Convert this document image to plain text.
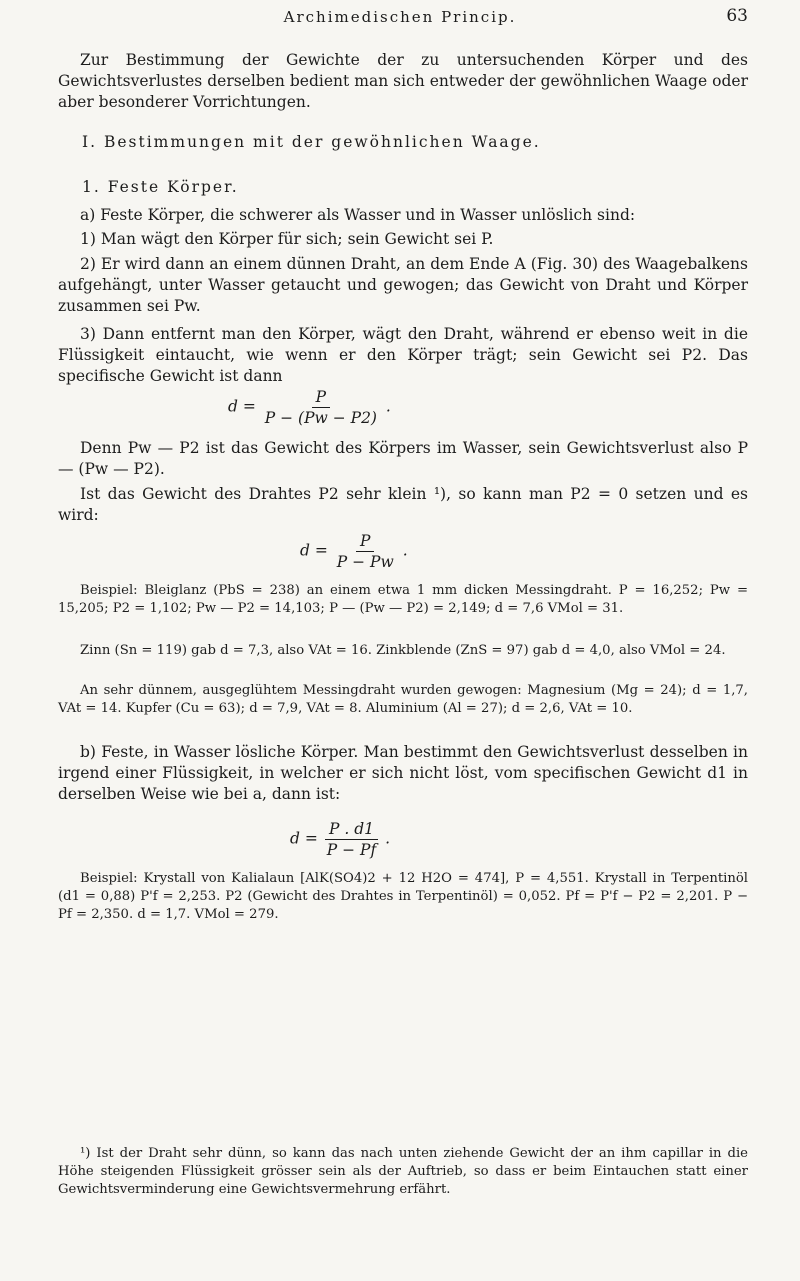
Archimedischen Princip.	63
Zur Bestimmung der Gewichte der zu untersuchenden Körper und des Gewichtsverlustes derselben bedient man sich entweder der gewöhnlichen Waage oder aber besonderer Vorrichtungen.
I. Bestimmungen mit der gewöhnlichen Waage.
1. Feste Körper.
a) Feste Körper, die schwerer als Wasser und in Wasser unlöslich sind:
1) Man wägt den Körper für sich; sein Gewicht sei P.
2) Er wird dann an einem dünnen Draht, an dem Ende A (Fig. 30) des Waagebalkens aufgehängt, unter Wasser getaucht und gewogen; das Gewicht von Draht und Körper zusammen sei Pw.
3) Dann entfernt man den Körper, wägt den Draht, während er ebenso weit in die Flüssigkeit eintaucht, wie wenn er den Körper trägt; sein Gewicht sei P2. Das specifische Gewicht ist dann
$d = \frac{P}{P - (Pw - P2)}$ .
Denn Pw — P2 ist das Gewicht des Körpers im Wasser, sein Gewichtsverlust also P — (Pw — P2).
Ist das Gewicht des Drahtes P2 sehr klein ¹), so kann man P2 = 0 setzen und es wird:
$d = \frac{P}{P - Pw}$ .
Beispiel: Bleiglanz (PbS = 238) an einem etwa 1 mm dicken Messingdraht. P = 16,252; Pw = 15,205; P2 = 1,102; Pw — P2 = 14,103; P — (Pw — P2) = 2,149; d = 7,6 VMol = 31.
Zinn (Sn = 119) gab d = 7,3, also VAt = 16. Zinkblende (ZnS = 97) gab d = 4,0, also VMol = 24.
An sehr dünnem, ausgeglühtem Messingdraht wurden gewogen: Magnesium (Mg = 24); d = 1,7, VAt = 14. Kupfer (Cu = 63); d = 7,9, VAt = 8. Aluminium (Al = 27); d = 2,6, VAt = 10.
b) Feste, in Wasser lösliche Körper. Man bestimmt den Gewichtsverlust desselben in irgend einer Flüssigkeit, in welcher er sich nicht löst, vom specifischen Gewicht d1 in derselben Weise wie bei a, dann ist:
$d = \frac{P . d1}{P - Pf}$ .
Beispiel: Krystall von Kalialaun [AlK(SO4)2 + 12 H2O = 474], P = 4,551. Krystall in Terpentinöl (d1 = 0,88) P'f = 2,253. P2 (Gewicht des Drahtes in Terpentinöl) = 0,052. Pf = P'f − P2 = 2,201. P − Pf = 2,350. d = 1,7. VMol = 279.
¹) Ist der Draht sehr dünn, so kann das nach unten ziehende Gewicht der an ihm capillar in die Höhe steigenden Flüssigkeit grösser sein als der Auftrieb, so dass er beim Eintauchen statt einer Gewichtsverminderung eine Gewichtsvermehrung erfährt.
